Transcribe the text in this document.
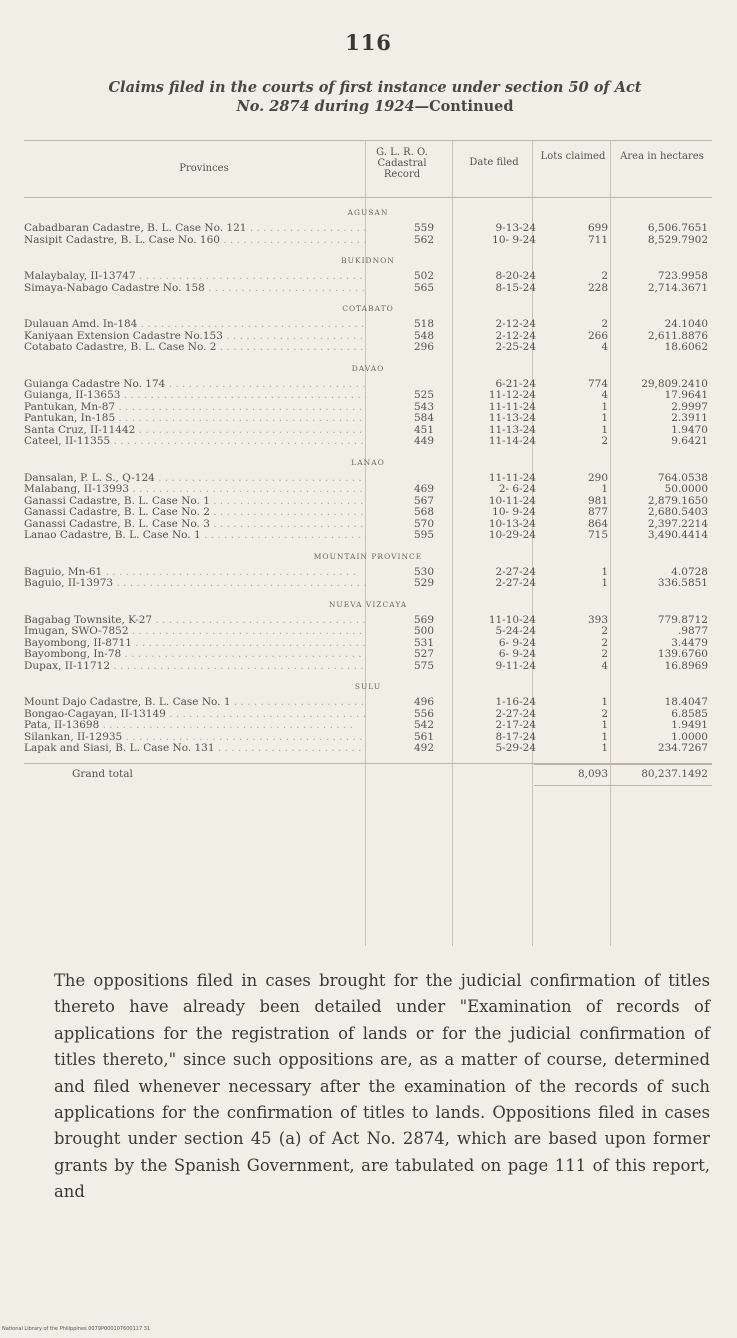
116
Claims filed in the courts of first instance under section 50 of Act
No. 2874 during 1924—Continued
Provinces
G. L. R. O. Cadastral Record
Date filed
Lots claimed	Area in hectares
AGUSAN
Cabadbaran Cadastre, B. L. Case No. 121 . . .	559	9-13-24	699	6,506.7651
Nasipit Cadastre, B. L. Case No. 160 . . .	562	10- 9-24	711	8,529.7902
BUKIDNON
Malaybalay, II-13747 . . .	502	8-20-24	2	723.9958
Simaya-Nabago Cadastre No. 158 . . .	565	8-15-24	228	2,714.3671
COTABATO
Dulauan Amd. In-184 . . .	518	2-12-24	2	24.1040
Kaniyaan Extension Cadastre No.153 . . .	548	2-12-24	266	2,611.8876
Cotabato Cadastre, B. L. Case No. 2 . . .	296	2-25-24	4	18.6062
DAVAO
Guianga Cadastre No. 174 . . .	6-21-24	774	29,809.2410
Guianga, II-13653 . . .	525	11-12-24	4	17.9641
Pantukan, Mn-87 . . .	543	11-11-24	1	2.9997
Pantukan, In-185 . . .	584	11-13-24	1	2.3911
Santa Cruz, II-11442 . . .	451	11-13-24	1	1.9470
Cateel, II-11355 . . .	449	11-14-24	2	9.6421
LANAO
Dansalan, P. L. S., Q-124 . . .	11-11-24	290	764.0538
Malabang, II-13993 . . .	469	2- 6-24	1	50.0000
Ganassi Cadastre, B. L. Case No. 1 . . .	567	10-11-24	981	2,879.1650
Ganassi Cadastre, B. L. Case No. 2 . . .	568	10- 9-24	877	2,680.5403
Ganassi Cadastre, B. L. Case No. 3 . . .	570	10-13-24	864	2,397.2214
Lanao Cadastre, B. L. Case No. 1 . . .	595	10-29-24	715	3,490.4414
MOUNTAIN PROVINCE
Baguio, Mn-61 . . .	530	2-27-24	1	4.0728
Baguio, II-13973 . . .	529	2-27-24	1	336.5851
NUEVA VIZCAYA
Bagabag Townsite, K-27 . . .	569	11-10-24	393	779.8712
Imugan, SWO-7852 . . .	500	5-24-24	2	.9877
Bayombong, II-8711 . . .	531	6- 9-24	2	3.4479
Bayombong, In-78 . . .	527	6- 9-24	2	139.6760
Dupax, II-11712 . . .	575	9-11-24	4	16.8969
SULU
Mount Dajo Cadastre, B. L. Case No. 1 . . .	496	1-16-24	1	18.4047
Bongao-Cagayan, II-13149 . . .	556	2-27-24	2	6.8585
Pata, II-13698 . . .	542	2-17-24	1	1.9491
Silankan, II-12935 . . .	561	8-17-24	1	1.0000
Lapak and Siasi, B. L. Case No. 131 . . .	492	5-29-24	1	234.7267
Grand total	8,093	80,237.1492
The oppositions filed in cases brought for the judicial confirmation of titles thereto have already been detailed under "Examination of records of applications for the registration of lands or for the judicial confirmation of titles thereto," since such oppositions are, as a matter of course, determined and filed whenever necessary after the examination of the records of such applications for the confirmation of titles to lands. Oppositions filed in cases brought under section 45 (a) of Act No. 2874, which are based upon former grants by the Spanish Government, are tabulated on page 111 of this report, and
National Library of the Philippines 0079P000107600117 31
